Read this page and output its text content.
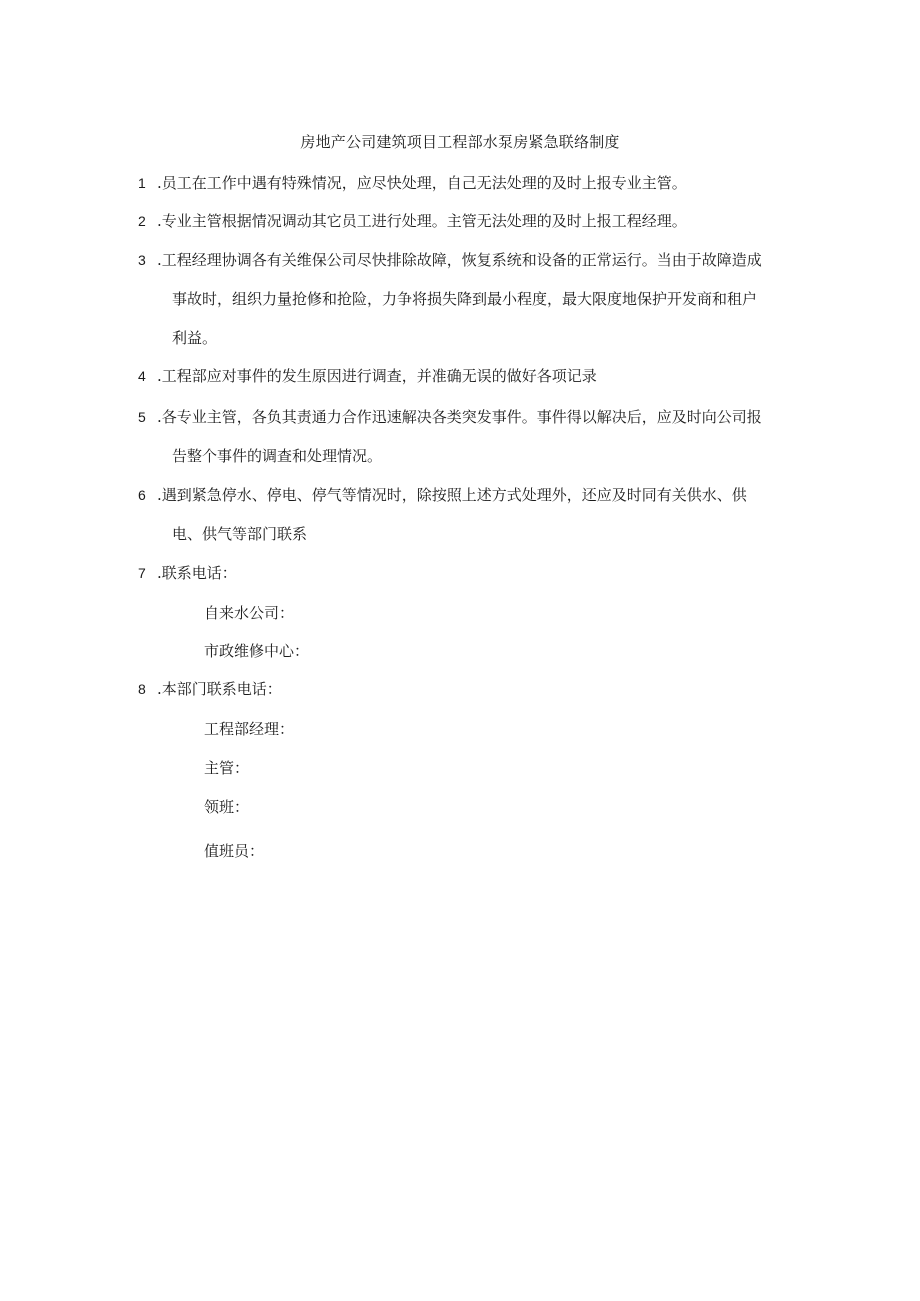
房地产公司建筑项目工程部水泵房紧急联络制度
1 .员工在工作中遇有特殊情况，应尽快处理，自己无法处理的及时上报专业主管。
2 .专业主管根据情况调动其它员工进行处理。主管无法处理的及时上报工程经理。
3 .工程经理协调各有关维保公司尽快排除故障，恢复系统和设备的正常运行。当由于故障造成
事故时，组织力量抢修和抢险，力争将损失降到最小程度，最大限度地保护开发商和租户
利益。
4 .工程部应对事件的发生原因进行调查，并准确无误的做好各项记录
5 .各专业主管，各负其责通力合作迅速解决各类突发事件。事件得以解决后，应及时向公司报
告整个事件的调查和处理情况。
6 .遇到紧急停水、停电、停气等情况时，除按照上述方式处理外，还应及时同有关供水、供
电、供气等部门联系
7 .联系电话：
自来水公司：
市政维修中心：
8 .本部门联系电话：
工程部经理：
主管：
领班：
值班员：
